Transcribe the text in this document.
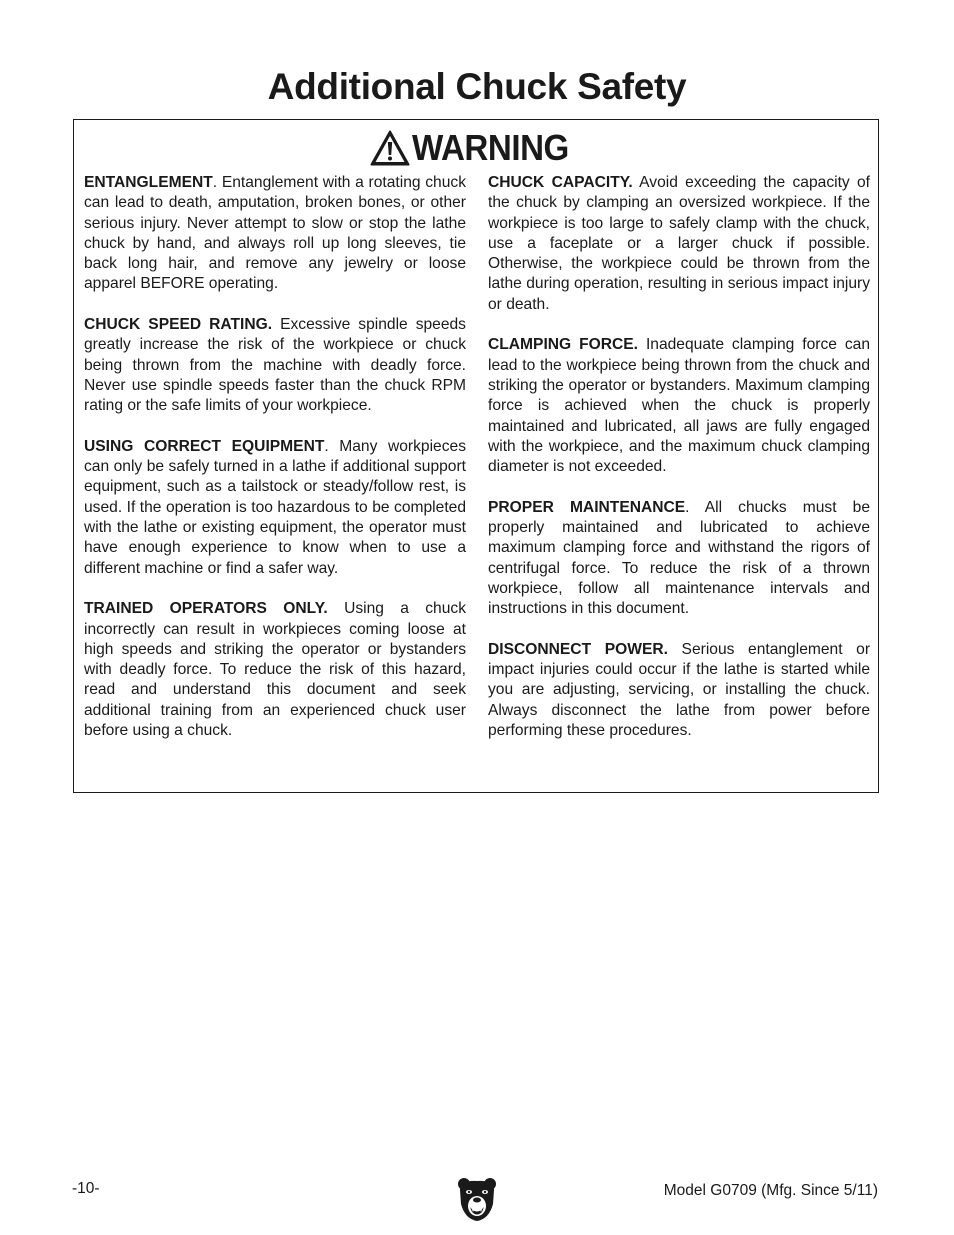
Additional Chuck Safety
WARNING

ENTANGLEMENT. Entanglement with a rotating chuck can lead to death, amputation, broken bones, or other serious injury. Never attempt to slow or stop the lathe chuck by hand, and always roll up long sleeves, tie back long hair, and remove any jewelry or loose apparel BEFORE operating.

CHUCK SPEED RATING. Excessive spindle speeds greatly increase the risk of the workpiece or chuck being thrown from the machine with deadly force. Never use spindle speeds faster than the chuck RPM rating or the safe limits of your workpiece.

USING CORRECT EQUIPMENT. Many workpieces can only be safely turned in a lathe if additional support equipment, such as a tailstock or steady/follow rest, is used. If the operation is too hazardous to be completed with the lathe or existing equipment, the operator must have enough experience to know when to use a different machine or find a safer way.

TRAINED OPERATORS ONLY. Using a chuck incorrectly can result in workpieces coming loose at high speeds and striking the operator or bystanders with deadly force. To reduce the risk of this hazard, read and understand this document and seek additional training from an experienced chuck user before using a chuck.

CHUCK CAPACITY. Avoid exceeding the capacity of the chuck by clamping an oversized workpiece. If the workpiece is too large to safely clamp with the chuck, use a faceplate or a larger chuck if possible. Otherwise, the workpiece could be thrown from the lathe during operation, resulting in serious impact injury or death.

CLAMPING FORCE. Inadequate clamping force can lead to the workpiece being thrown from the chuck and striking the operator or bystanders. Maximum clamping force is achieved when the chuck is properly maintained and lubricated, all jaws are fully engaged with the workpiece, and the maximum chuck clamping diameter is not exceeded.

PROPER MAINTENANCE. All chucks must be properly maintained and lubricated to achieve maximum clamping force and withstand the rigors of centrifugal force. To reduce the risk of a thrown workpiece, follow all maintenance intervals and instructions in this document.

DISCONNECT POWER. Serious entanglement or impact injuries could occur if the lathe is started while you are adjusting, servicing, or installing the chuck. Always disconnect the lathe from power before performing these procedures.

-10-	Model G0709 (Mfg. Since 5/11)
